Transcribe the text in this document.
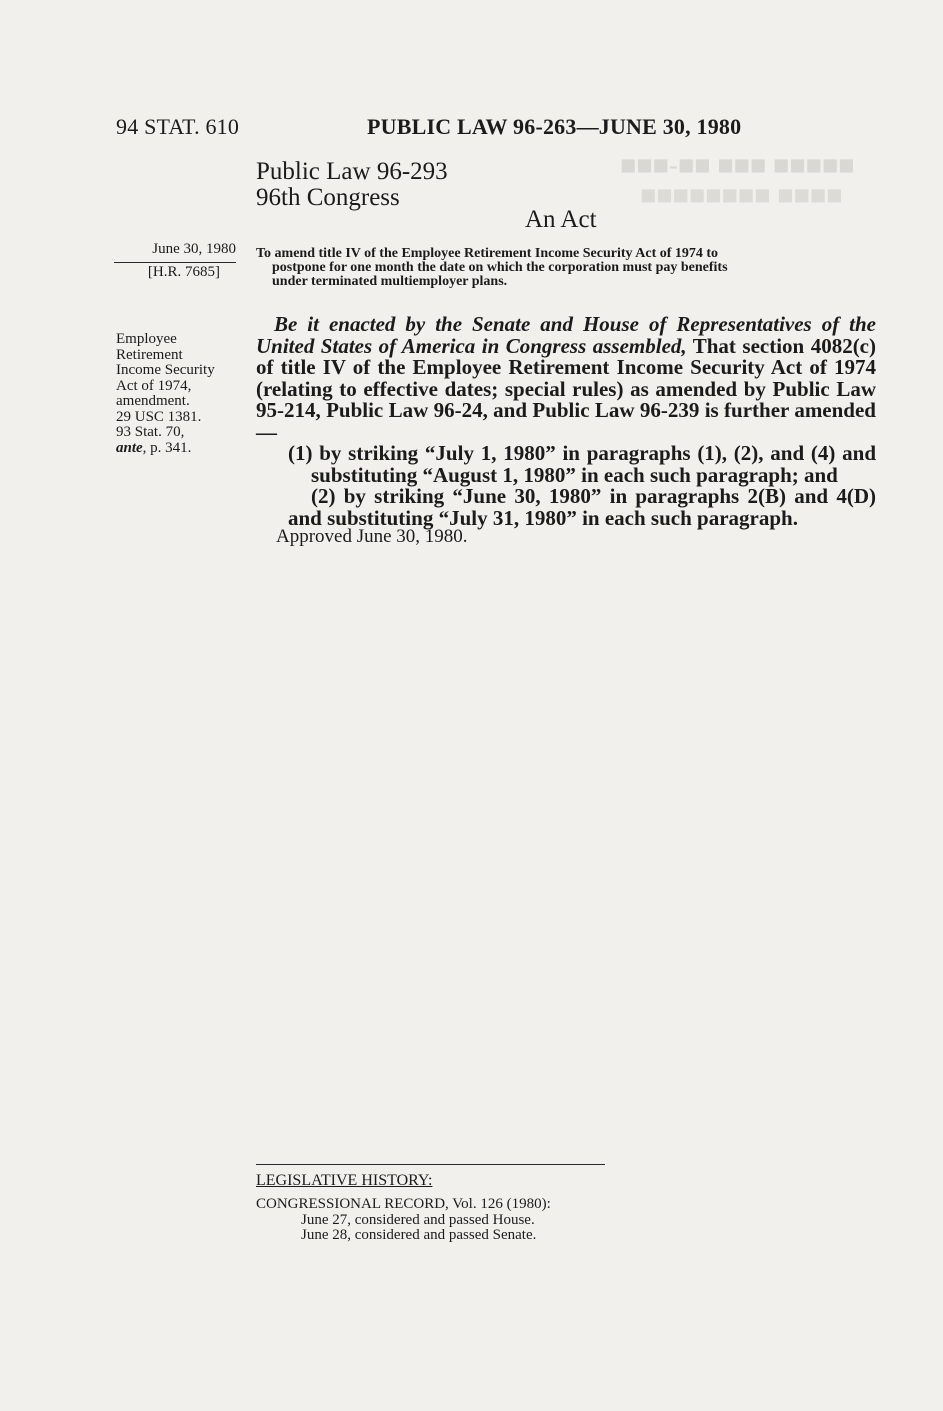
■■■■■ ■■■ ■■-■■■
■■■■ ■■■■■■■■
94 STAT. 610	PUBLIC LAW 96-263—JUNE 30, 1980
Public Law 96-293
96th Congress
An Act
June 30, 1980
[H.R. 7685]
Employee
Retirement
Income Security
Act of 1974,
amendment.
29 USC 1381.
93 Stat. 70,
ante, p. 341.
To amend title IV of the Employee Retirement Income Security Act of 1974 to
postpone for one month the date on which the corporation must pay benefits
under terminated multiemployer plans.
Be it enacted by the Senate and House of Representatives of the United States of America in Congress assembled, That section 4082(c) of title IV of the Employee Retirement Income Security Act of 1974 (relating to effective dates; special rules) as amended by Public Law 95-214, Public Law 96-24, and Public Law 96-239 is further amended—
(1) by striking “July 1, 1980” in paragraphs (1), (2), and (4) and substituting “August 1, 1980” in each such paragraph; and
(2) by striking “June 30, 1980” in paragraphs 2(B) and 4(D) and substituting “July 31, 1980” in each such paragraph.
Approved June 30, 1980.
LEGISLATIVE HISTORY:
CONGRESSIONAL RECORD, Vol. 126 (1980):
June 27, considered and passed House.
June 28, considered and passed Senate.
